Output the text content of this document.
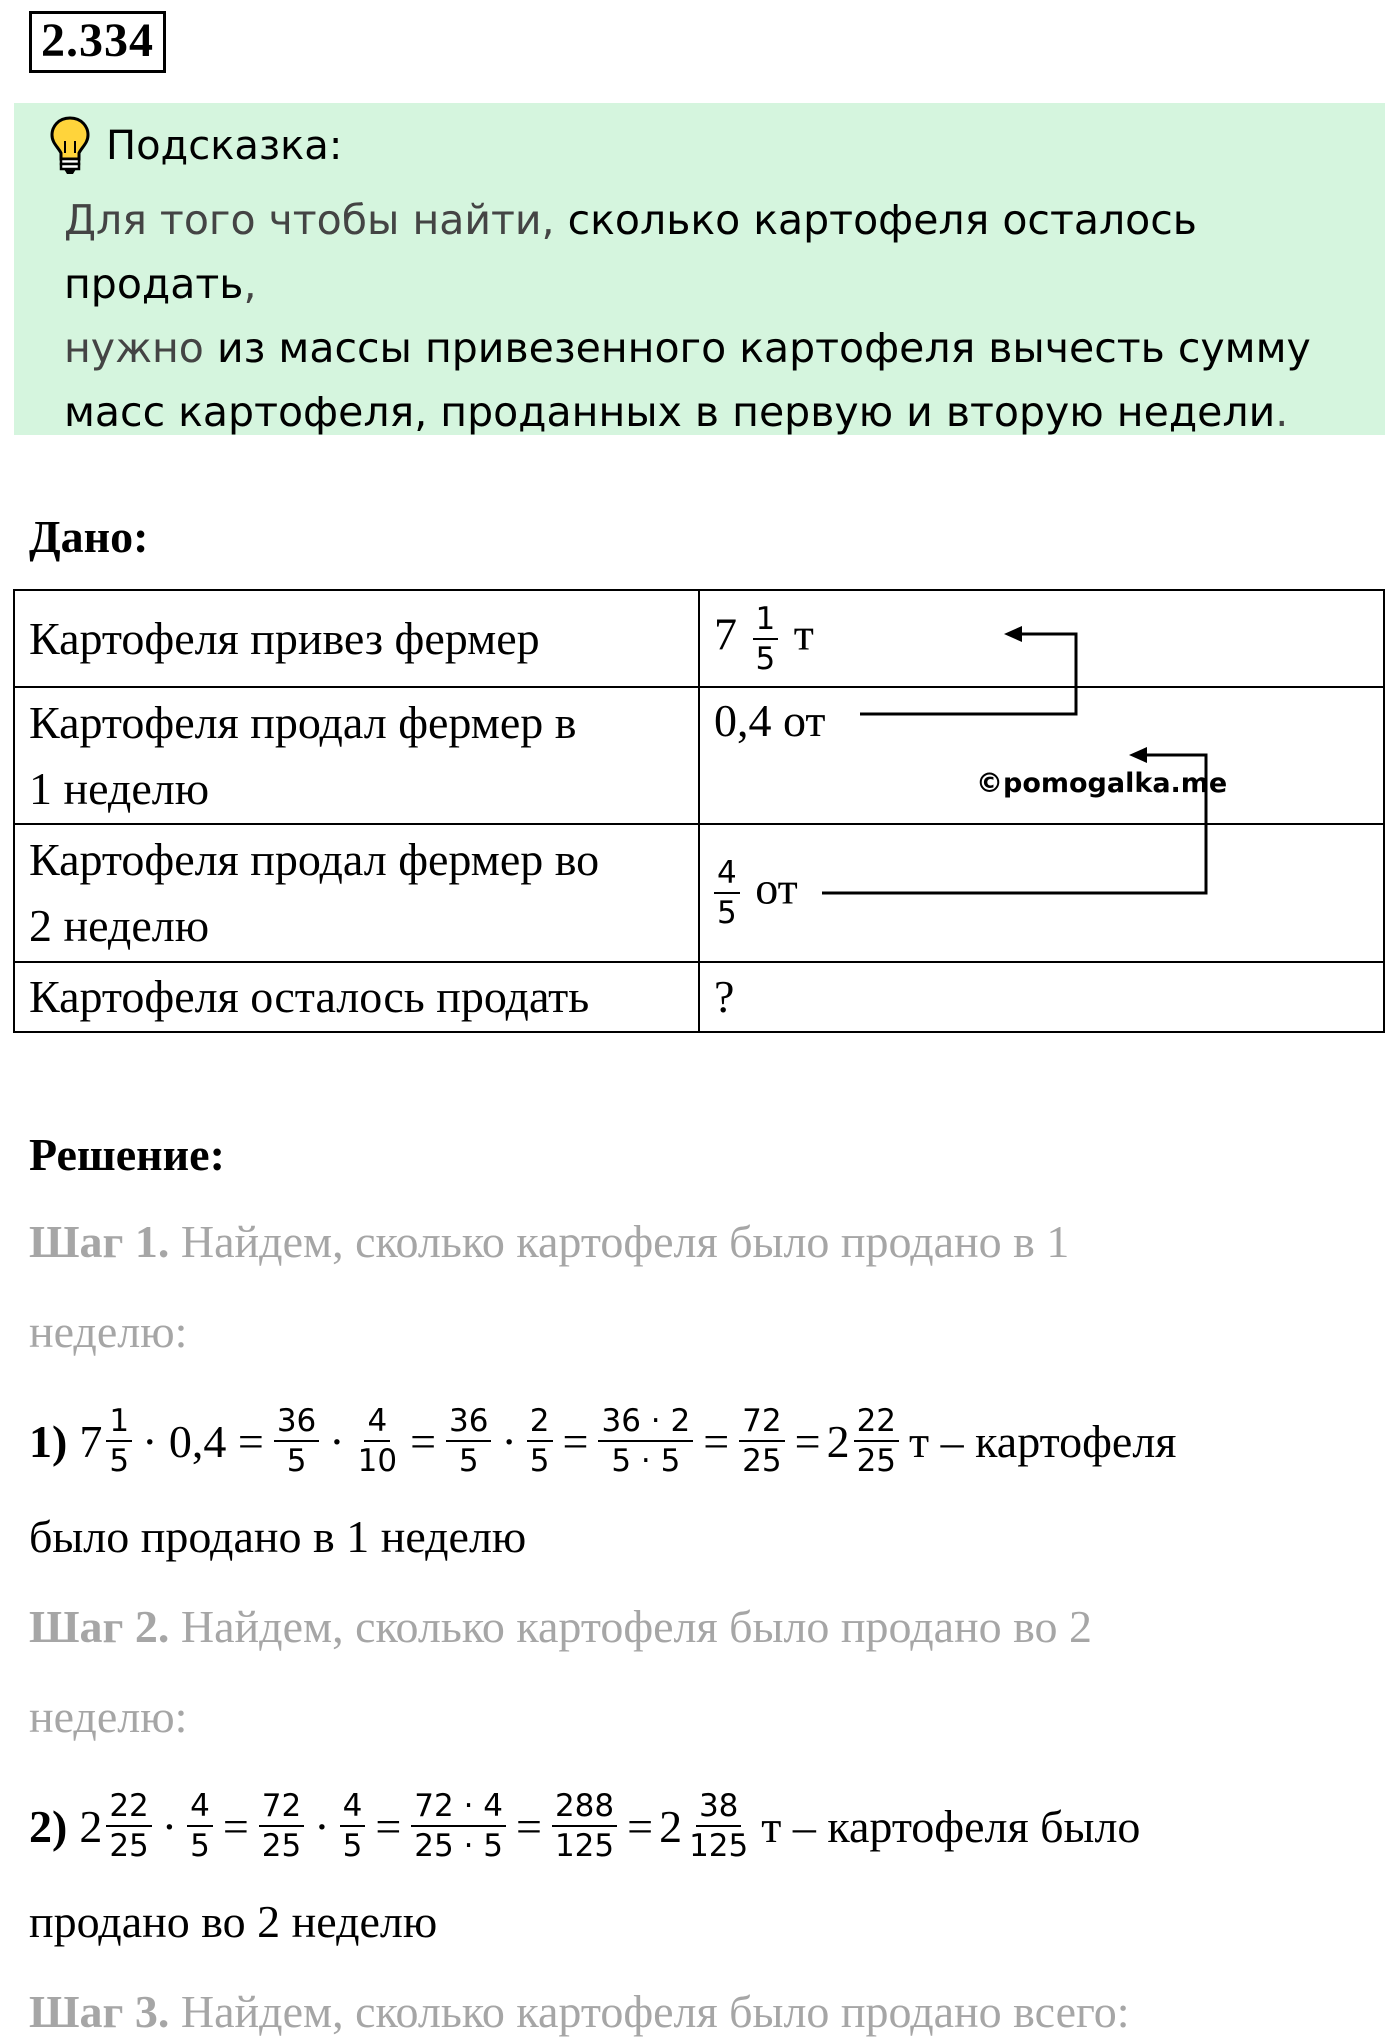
2.334
Подсказка:
Для того чтобы найти, сколько картофеля осталось продать,
нужно из массы привезенного картофеля вычесть сумму
масс картофеля, проданных в первую и вторую недели.
Дано:
Картофеля привез фермер	$7 \frac{1}{5}$ т
Картофеля продал фермер в
1 неделю	0,4 от
Картофеля продал фермер во
2 неделю	$\frac{4}{5}$ от
Картофеля осталось продать	?
©pomogalka.me
Решение:
Шаг 1. Найдем, сколько картофеля было продано в 1
неделю:
1) $7 \frac{1}{5} \cdot 0,4 = \frac{36}{5} \cdot \frac{4}{10} = \frac{36}{5} \cdot \frac{2}{5} = \frac{36 \cdot 2}{5 \cdot 5} = \frac{72}{25} = 2 \frac{22}{25}$ т – картофеля
было продано в 1 неделю
Шаг 2. Найдем, сколько картофеля было продано во 2
неделю:
2) $2 \frac{22}{25} \cdot \frac{4}{5} = \frac{72}{25} \cdot \frac{4}{5} = \frac{72 \cdot 4}{25 \cdot 5} = \frac{288}{125} = 2 \frac{38}{125}$ т – картофеля было
продано во 2 неделю
Шаг 3. Найдем, сколько картофеля было продано всего:
